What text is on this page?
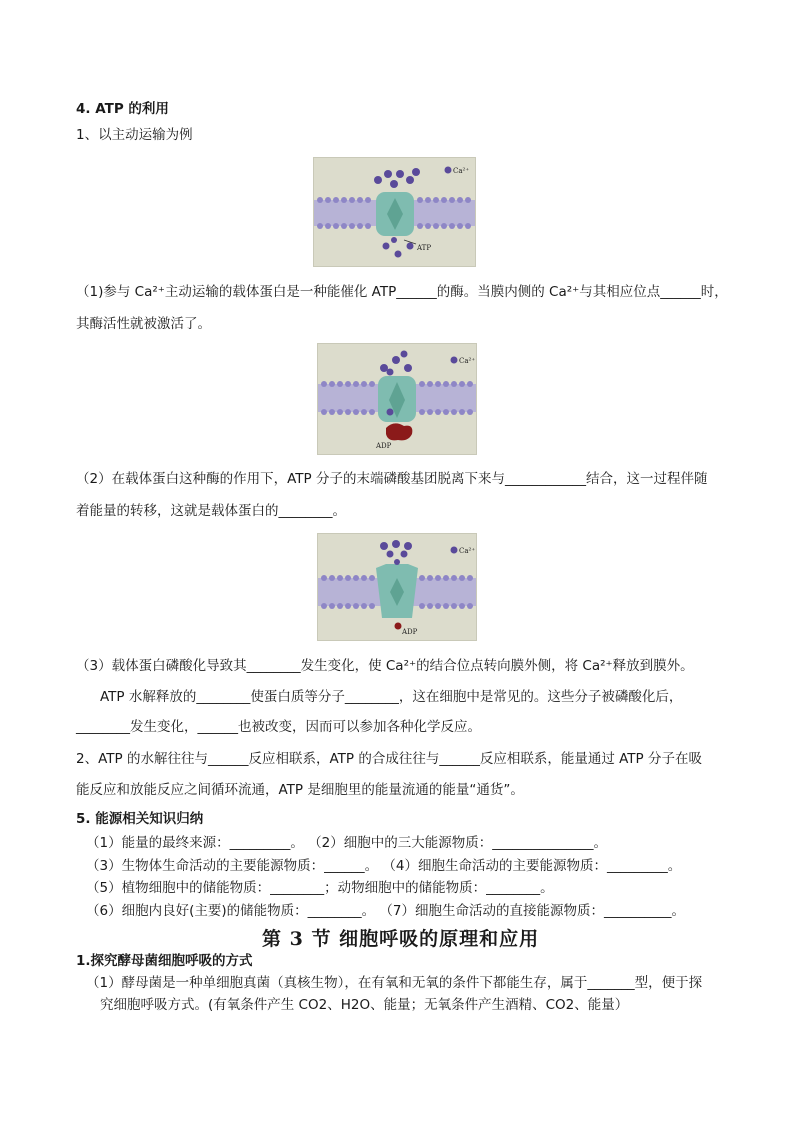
4. ATP 的利用
1、以主动运输为例
Ca²⁺
ATP
（1)参与 Ca²⁺主动运输的载体蛋白是一种能催化 ATP______的酶。当膜内侧的 Ca²⁺与其相应位点______时，
其酶活性就被激活了。
Ca²⁺
ADP
（2）在载体蛋白这种酶的作用下，ATP 分子的末端磷酸基团脱离下来与____________结合，这一过程伴随
着能量的转移，这就是载体蛋白的________。
Ca²⁺
ADP
（3）载体蛋白磷酸化导致其________发生变化，使 Ca²⁺的结合位点转向膜外侧，将 Ca²⁺释放到膜外。
ATP 水解释放的________使蛋白质等分子________，这在细胞中是常见的。这些分子被磷酸化后，
________发生变化，______也被改变，因而可以参加各种化学反应。
2、ATP 的水解往往与______反应相联系，ATP 的合成往往与______反应相联系，能量通过 ATP 分子在吸
能反应和放能反应之间循环流通，ATP 是细胞里的能量流通的能量“通货”。
5. 能源相关知识归纳
（1）能量的最终来源：_________。 （2）细胞中的三大能源物质：_______________。
（3）生物体生命活动的主要能源物质：______。 （4）细胞生命活动的主要能源物质：_________。
（5）植物细胞中的储能物质：________；动物细胞中的储能物质：________。
（6）细胞内良好(主要)的储能物质：________。 （7）细胞生命活动的直接能源物质：__________。
第 3 节 细胞呼吸的原理和应用
1.探究酵母菌细胞呼吸的方式
（1）酵母菌是一种单细胞真菌（真核生物），在有氧和无氧的条件下都能生存，属于_______型，便于探
究细胞呼吸方式。(有氧条件产生 CO2、H2O、能量；无氧条件产生酒精、CO2、能量）
